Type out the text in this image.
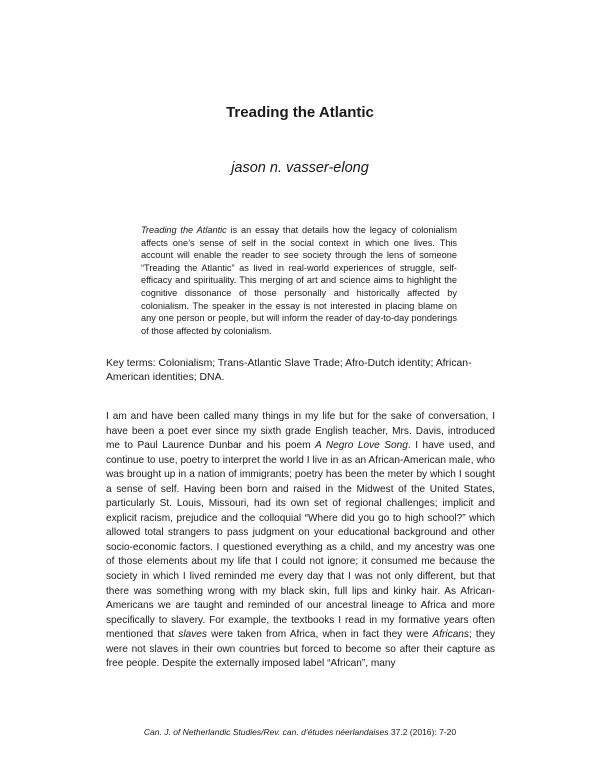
Treading the Atlantic

jason n. vasser-elong

Treading the Atlantic is an essay that details how the legacy of colonialism affects one’s sense of self in the social context in which one lives. This account will enable the reader to see society through the lens of someone “Treading the Atlantic” as lived in real-world experiences of struggle, self-efficacy and spirituality. This merging of art and science aims to highlight the cognitive dissonance of those personally and historically affected by colonialism. The speaker in the essay is not interested in placing blame on any one person or people, but will inform the reader of day-to-day ponderings of those affected by colonialism.

Key terms: Colonialism; Trans-Atlantic Slave Trade; Afro-Dutch identity; African-American identities; DNA.

I am and have been called many things in my life but for the sake of conversation, I have been a poet ever since my sixth grade English teacher, Mrs. Davis, introduced me to Paul Laurence Dunbar and his poem A Negro Love Song. I have used, and continue to use, poetry to interpret the world I live in as an African-American male, who was brought up in a nation of immigrants; poetry has been the meter by which I sought a sense of self. Having been born and raised in the Midwest of the United States, particularly St. Louis, Missouri, had its own set of regional challenges; implicit and explicit racism, prejudice and the colloquial “Where did you go to high school?” which allowed total strangers to pass judgment on your educational background and other socio-economic factors. I questioned everything as a child, and my ancestry was one of those elements about my life that I could not ignore; it consumed me because the society in which I lived reminded me every day that I was not only different, but that there was something wrong with my black skin, full lips and kinky hair. As African-Americans we are taught and reminded of our ancestral lineage to Africa and more specifically to slavery. For example, the textbooks I read in my formative years often mentioned that slaves were taken from Africa, when in fact they were Africans; they were not slaves in their own countries but forced to become so after their capture as free people. Despite the externally imposed label “African”, many

Can. J. of Netherlandic Studies/Rev. can. d’études néerlandaises 37.2 (2016): 7-20
